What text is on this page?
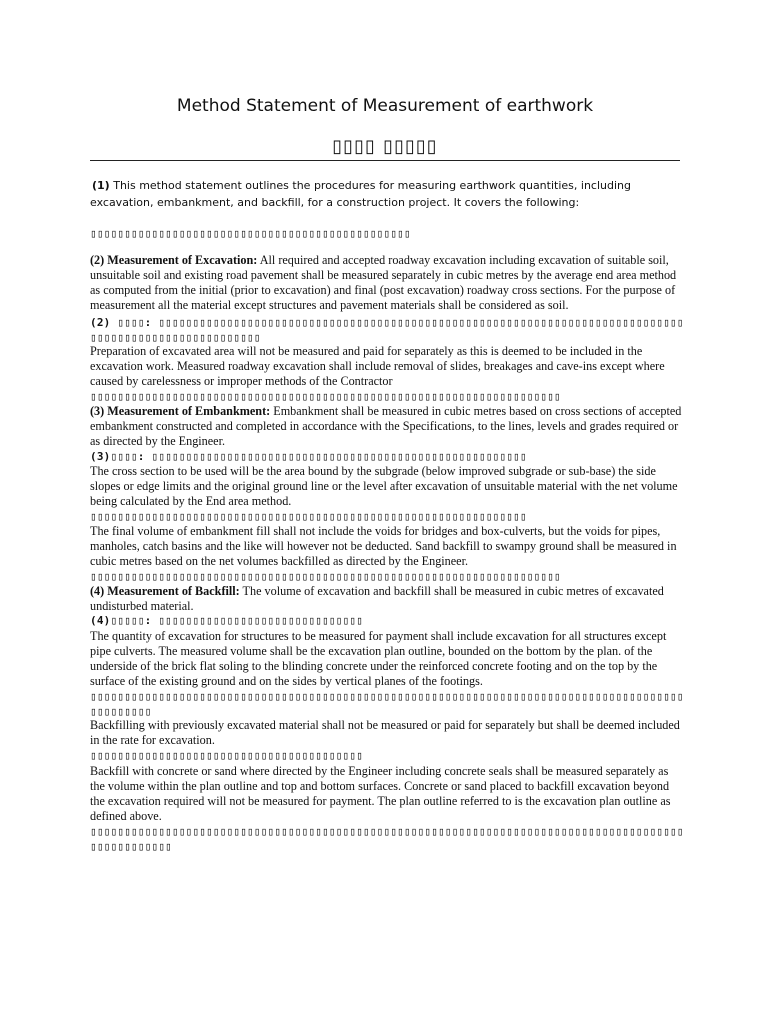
Method Statement of Measurement of earthwork
▯▯▯▯ ▯▯▯▯▯
(1) This method statement outlines the procedures for measuring earthwork quantities, including excavation, embankment, and backfill, for a construction project. It covers the following:
▯▯▯▯▯▯▯▯▯▯▯▯▯▯▯▯▯▯▯▯▯▯▯▯▯▯▯▯▯▯▯▯▯▯▯▯▯▯▯▯▯▯▯▯▯▯▯
(2) Measurement of Excavation: All required and accepted roadway excavation including excavation of suitable soil, unsuitable soil and existing road pavement shall be measured separately in cubic metres by the average end area method as computed from the initial (prior to excavation) and final (post excavation) roadway cross sections. For the purpose of measurement all the material except structures and pavement materials shall be considered as soil.
(2) ▯▯▯▯: ▯▯▯▯▯▯▯▯▯▯▯▯▯▯▯▯▯▯▯▯▯▯▯▯▯▯▯▯▯▯▯▯▯▯▯▯▯▯▯▯▯▯▯▯▯▯▯▯▯▯▯▯▯▯▯▯▯▯▯▯▯▯▯▯▯▯▯▯▯▯▯▯▯▯▯▯▯▯▯▯▯▯▯▯▯▯▯▯▯▯▯▯▯▯▯▯▯▯▯▯▯▯
Preparation of excavated area will not be measured and paid for separately as this is deemed to be included in the excavation work. Measured roadway excavation shall include removal of slides, breakages and cave-ins except where caused by carelessness or improper methods of the Contractor
▯▯▯▯▯▯▯▯▯▯▯▯▯▯▯▯▯▯▯▯▯▯▯▯▯▯▯▯▯▯▯▯▯▯▯▯▯▯▯▯▯▯▯▯▯▯▯▯▯▯▯▯▯▯▯▯▯▯▯▯▯▯▯▯▯▯▯▯▯
(3) Measurement of Embankment: Embankment shall be measured in cubic metres based on cross sections of accepted embankment constructed and completed in accordance with the Specifications, to the lines, levels and grades required or as directed by the Engineer.
(3)▯▯▯▯: ▯▯▯▯▯▯▯▯▯▯▯▯▯▯▯▯▯▯▯▯▯▯▯▯▯▯▯▯▯▯▯▯▯▯▯▯▯▯▯▯▯▯▯▯▯▯▯▯▯▯▯▯▯▯▯
The cross section to be used will be the area bound by the subgrade (below improved subgrade or sub-base) the side slopes or edge limits and the original ground line or the level after excavation of unsuitable material with the net volume being calculated by the End area method.
▯▯▯▯▯▯▯▯▯▯▯▯▯▯▯▯▯▯▯▯▯▯▯▯▯▯▯▯▯▯▯▯▯▯▯▯▯▯▯▯▯▯▯▯▯▯▯▯▯▯▯▯▯▯▯▯▯▯▯▯▯▯▯▯
The final volume of embankment fill shall not include the voids for bridges and box-culverts, but the voids for pipes, manholes, catch basins and the like will however not be deducted. Sand backfill to swampy ground shall be measured in cubic metres based on the net volumes backfilled as directed by the Engineer.
▯▯▯▯▯▯▯▯▯▯▯▯▯▯▯▯▯▯▯▯▯▯▯▯▯▯▯▯▯▯▯▯▯▯▯▯▯▯▯▯▯▯▯▯▯▯▯▯▯▯▯▯▯▯▯▯▯▯▯▯▯▯▯▯▯▯▯▯▯
(4) Measurement of Backfill: The volume of excavation and backfill shall be measured in cubic metres of excavated undisturbed material.
(4)▯▯▯▯▯: ▯▯▯▯▯▯▯▯▯▯▯▯▯▯▯▯▯▯▯▯▯▯▯▯▯▯▯▯▯▯
The quantity of excavation for structures to be measured for payment shall include excavation for all structures except pipe culverts. The measured volume shall be the excavation plan outline, bounded on the bottom by the plan. of the underside of the brick flat soling to the blinding concrete under the reinforced concrete footing and on the top by the surface of the existing ground and on the sides by vertical planes of the footings.
▯▯▯▯▯▯▯▯▯▯▯▯▯▯▯▯▯▯▯▯▯▯▯▯▯▯▯▯▯▯▯▯▯▯▯▯▯▯▯▯▯▯▯▯▯▯▯▯▯▯▯▯▯▯▯▯▯▯▯▯▯▯▯▯▯▯▯▯▯▯▯▯▯▯▯▯▯▯▯▯▯▯▯▯▯▯▯▯▯▯▯▯▯▯▯▯
Backfilling with previously excavated material shall not be measured or paid for separately but shall be deemed included in the rate for excavation.
▯▯▯▯▯▯▯▯▯▯▯▯▯▯▯▯▯▯▯▯▯▯▯▯▯▯▯▯▯▯▯▯▯▯▯▯▯▯▯▯
Backfill with concrete or sand where directed by the Engineer including concrete seals shall be measured separately as the volume within the plan outline and top and bottom surfaces. Concrete or sand placed to backfill excavation beyond the excavation required will not be measured for payment. The plan outline referred to is the excavation plan outline as defined above.
▯▯▯▯▯▯▯▯▯▯▯▯▯▯▯▯▯▯▯▯▯▯▯▯▯▯▯▯▯▯▯▯▯▯▯▯▯▯▯▯▯▯▯▯▯▯▯▯▯▯▯▯▯▯▯▯▯▯▯▯▯▯▯▯▯▯▯▯▯▯▯▯▯▯▯▯▯▯▯▯▯▯▯▯▯▯▯▯▯▯▯▯▯▯▯▯▯▯▯
